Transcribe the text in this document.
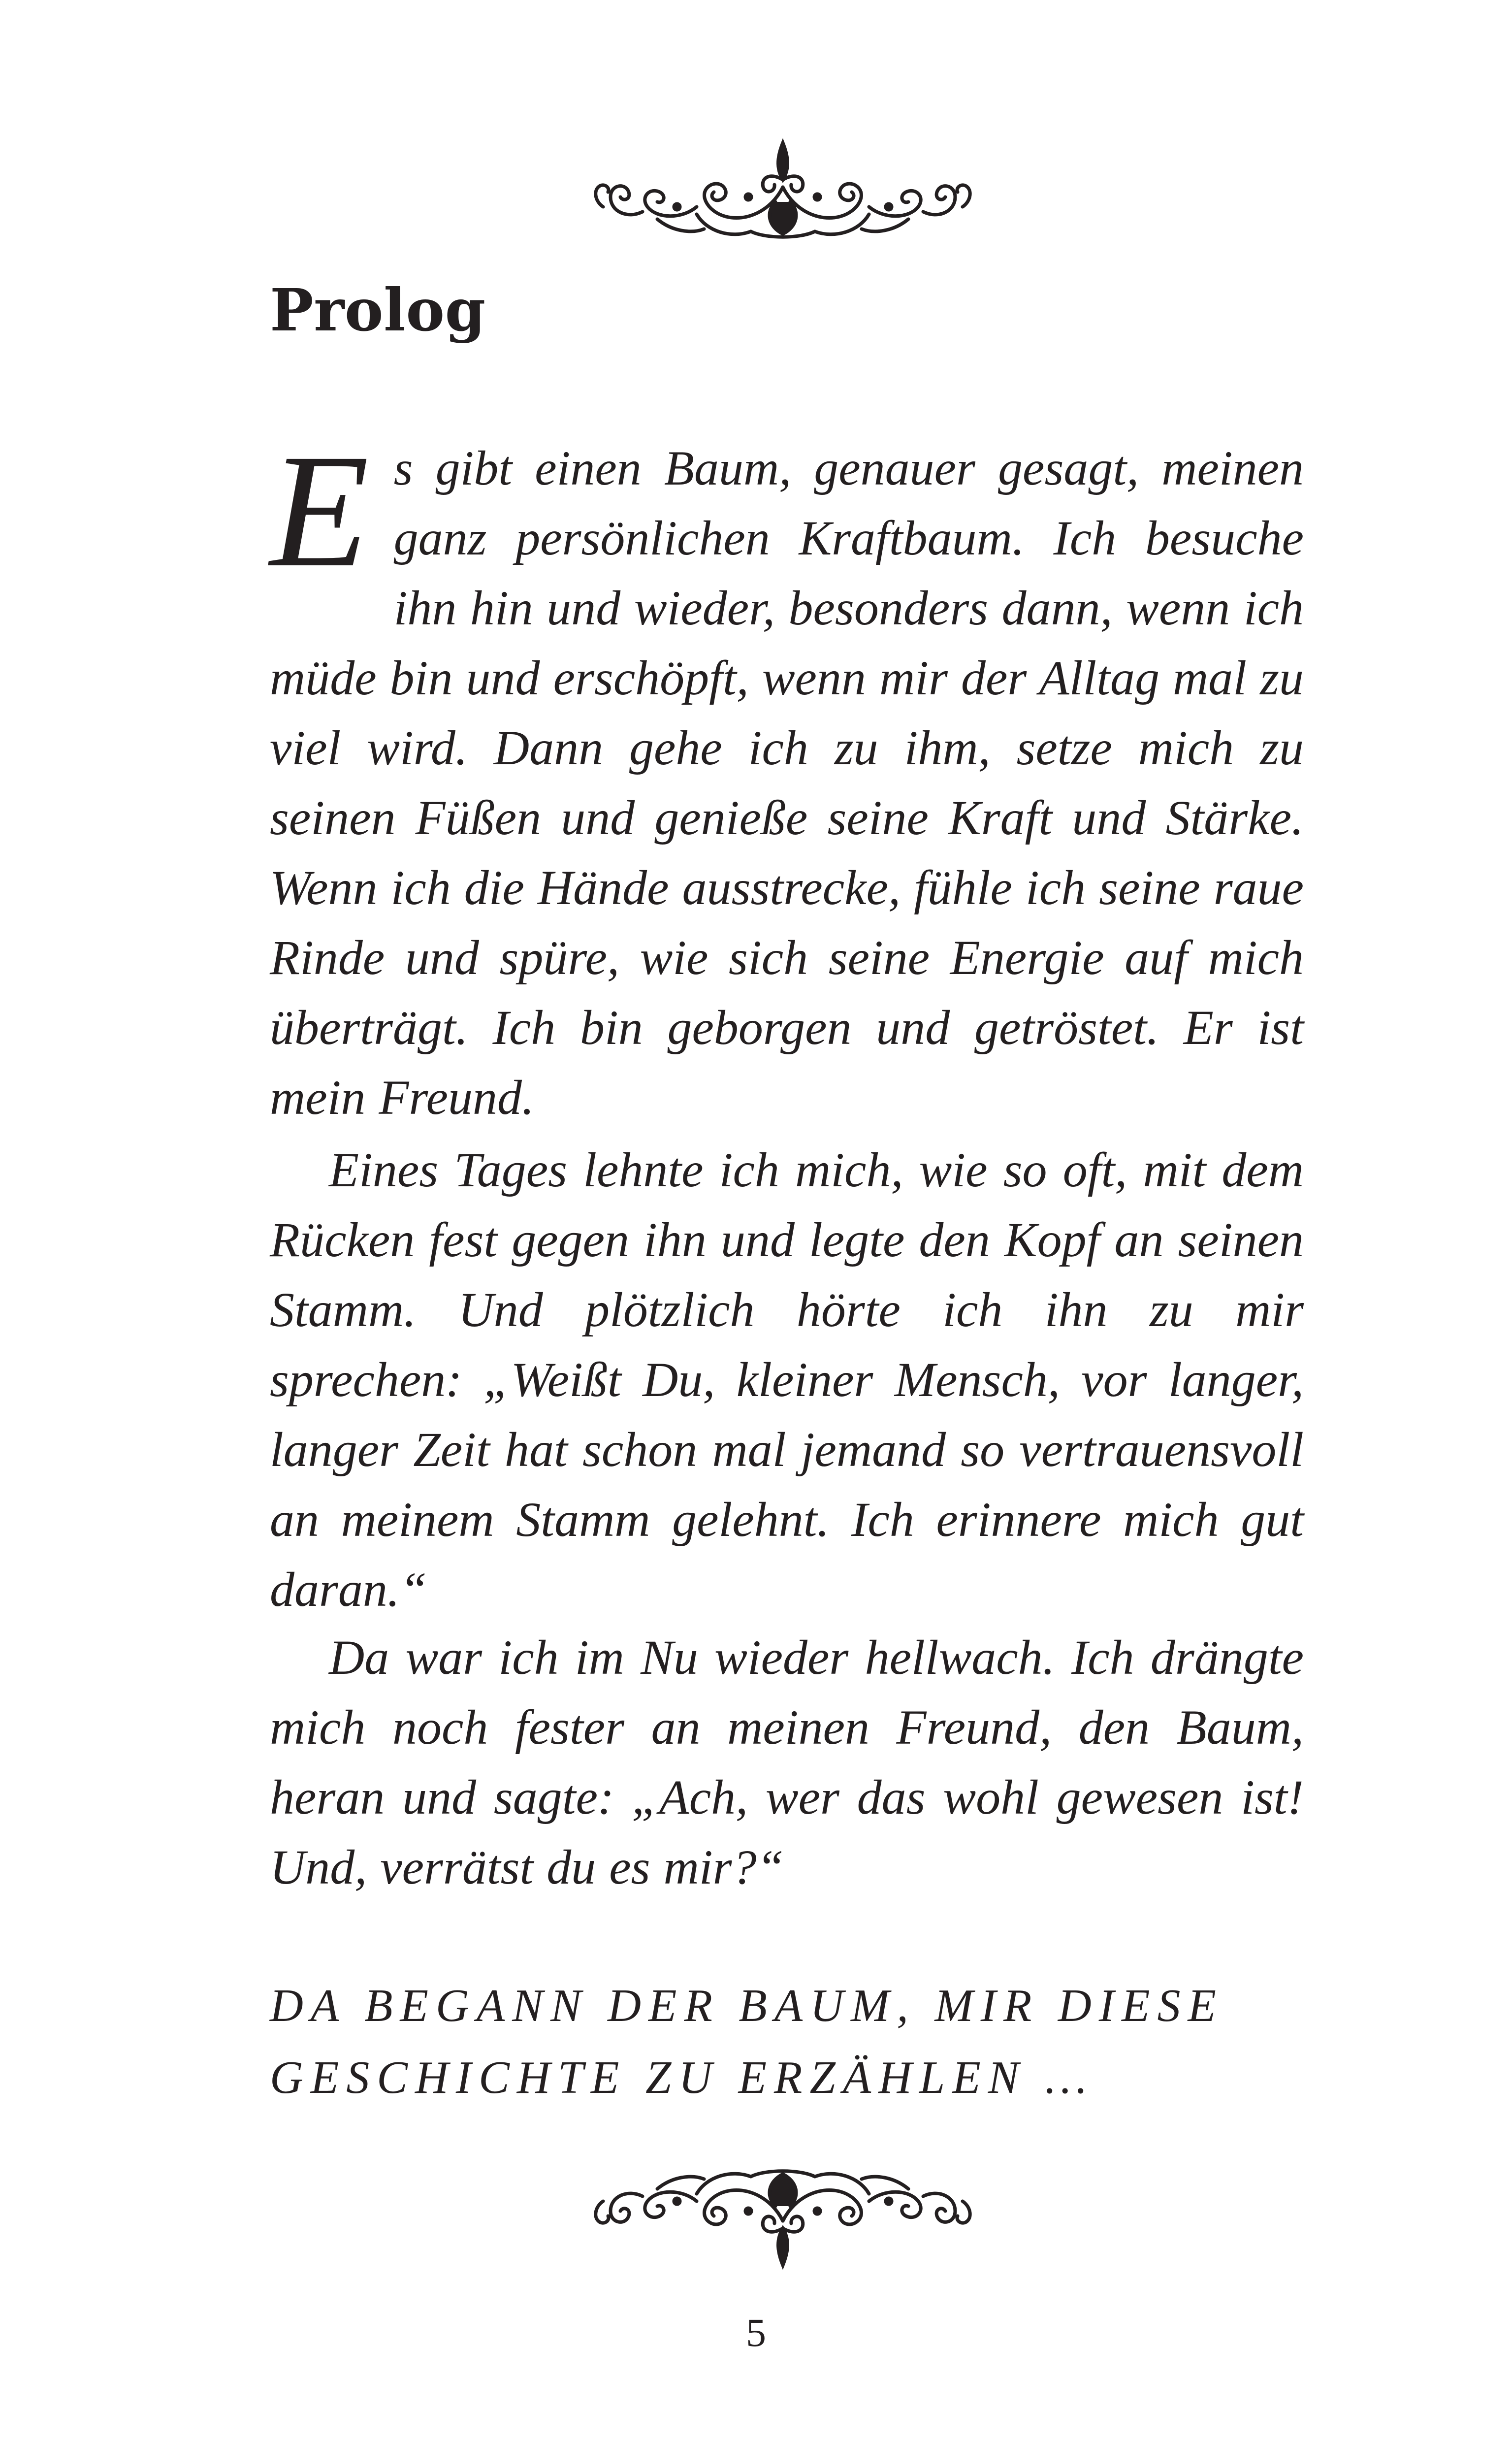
Prolog

Es gibt einen Baum, genauer gesagt, meinen ganz persönlichen Kraftbaum. Ich besuche ihn hin und wieder, besonders dann, wenn ich müde bin und erschöpft, wenn mir der Alltag mal zu viel wird. Dann gehe ich zu ihm, setze mich zu seinen Füßen und genieße seine Kraft und Stärke. Wenn ich die Hände ausstrecke, fühle ich seine raue Rinde und spüre, wie sich seine Energie auf mich überträgt. Ich bin geborgen und getröstet. Er ist mein Freund.

Eines Tages lehnte ich mich, wie so oft, mit dem Rücken fest gegen ihn und legte den Kopf an seinen Stamm. Und plötzlich hörte ich ihn zu mir sprechen: „Weißt Du, kleiner Mensch, vor langer, langer Zeit hat schon mal jemand so vertrauensvoll an meinem Stamm gelehnt. Ich erinnere mich gut daran.“

Da war ich im Nu wieder hellwach. Ich drängte mich noch fester an meinen Freund, den Baum, heran und sagte: „Ach, wer das wohl gewesen ist! Und, verrätst du es mir?“

DA BEGANN DER BAUM, MIR DIESE GESCHICHTE ZU ERZÄHLEN …

5
